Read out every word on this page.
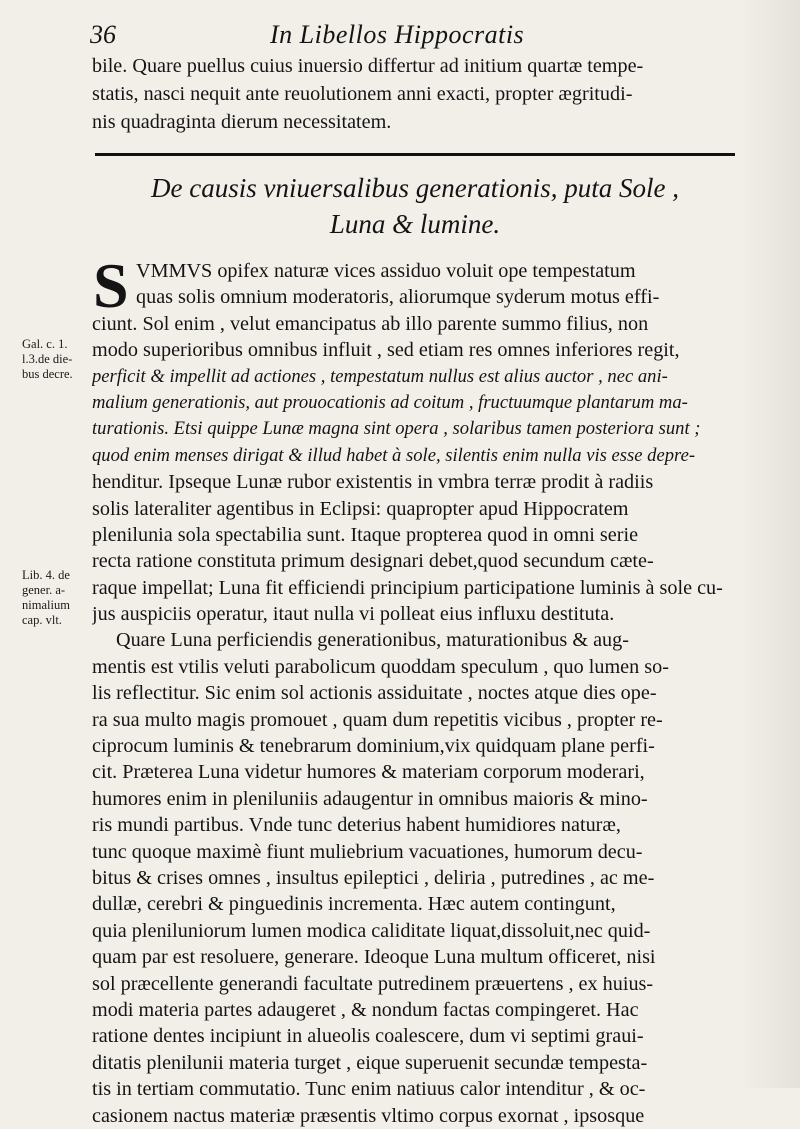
36	In Libellos Hippocratis
bile. Quare puellus cuius inuersio differtur ad initium quartæ tempe-
statis, nasci nequit ante reuolutionem anni exacti, propter ægritudi-
nis quadraginta dierum necessitatem.
De causis vniuersalibus generationis, puta Sole ,
Luna & lumine.
S VMMVS opifex naturæ vices assiduo voluit ope tempestatum
quas solis omnium moderatoris, aliorumque syderum motus effi-
ciunt. Sol enim , velut emancipatus ab illo parente summo filius, non
modo superioribus omnibus influit , sed etiam res omnes inferiores regit,
perficit & impellit ad actiones , tempestatum nullus est alius auctor , nec ani-
malium generationis, aut prouocationis ad coitum , fructuumque plantarum ma-
turationis. Etsi quippe Lunæ magna sint opera , solaribus tamen posteriora sunt ;
quod enim menses dirigat & illud habet à sole, silentis enim nulla vis esse depre-
henditur. Ipseque Lunæ rubor existentis in vmbra terræ prodit à radiis
solis lateraliter agentibus in Eclipsi: quapropter apud Hippocratem
plenilunia sola spectabilia sunt. Itaque propterea quod in omni serie
recta ratione constituta primum designari debet,quod secundum cæte-
raque impellat; Luna fit efficiendi principium participatione luminis à sole cu-
jus auspiciis operatur, itaut nulla vi polleat eius influxu destituta.
Quare Luna perficiendis generationibus, maturationibus & aug-
mentis est vtilis veluti parabolicum quoddam speculum , quo lumen so-
lis reflectitur. Sic enim sol actionis assiduitate , noctes atque dies ope-
ra sua multo magis promouet , quam dum repetitis vicibus , propter re-
ciprocum luminis & tenebrarum dominium,vix quidquam plane perfi-
cit. Præterea Luna videtur humores & materiam corporum moderari,
humores enim in pleniluniis adaugentur in omnibus maioris & mino-
ris mundi partibus. Vnde tunc deterius habent humidiores naturæ,
tunc quoque maximè fiunt muliebrium vacuationes, humorum decu-
bitus & crises omnes , insultus epileptici , deliria , putredines , ac me-
dullæ, cerebri & pinguedinis incrementa. Hæc autem contingunt,
quia pleniluniorum lumen modica caliditate liquat,dissoluit,nec quid-
quam par est resoluere, generare. Ideoque Luna multum officeret, nisi
sol præcellente generandi facultate putredinem præuertens , ex huius-
modi materia partes adaugeret , & nondum factas compingeret. Hac
ratione dentes incipiunt in alueolis coalescere, dum vi septimi graui-
ditatis plenilunii materia turget , eique superuenit secundæ tempesta-
tis in tertiam commutatio. Tunc enim natiuus calor intenditur , & oc-
casionem nactus materiæ præsentis vltimo corpus exornat , ipsosque
Gal. c. 1.
l.3.de die-
bus decre.
Lib. 4. de
gener. a-
nimalium
cap. vlt.
